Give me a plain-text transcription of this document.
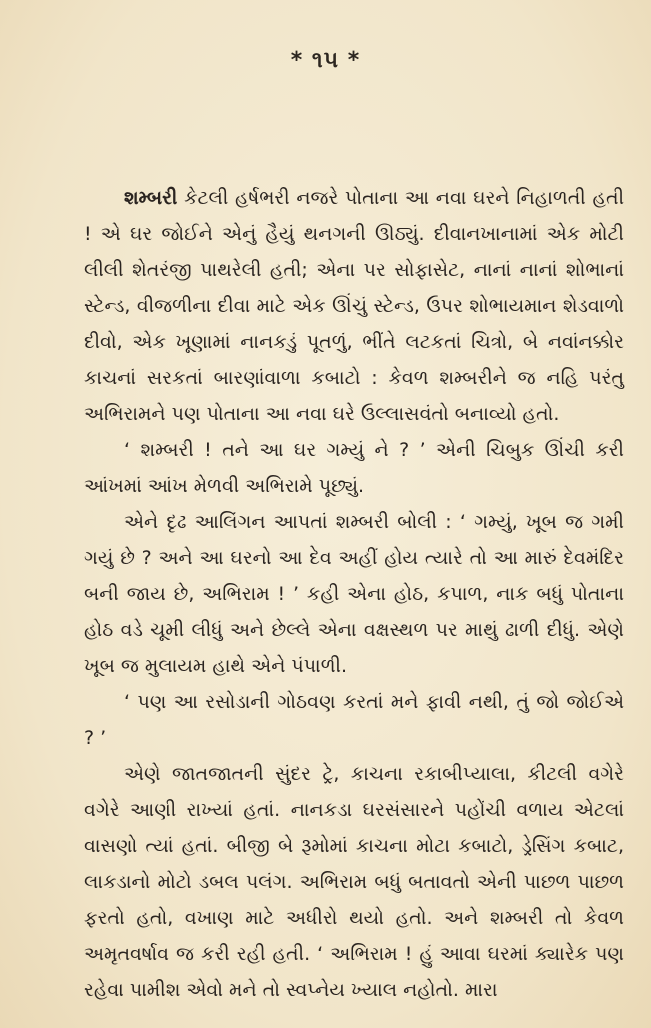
* ૧૫ *

શમ્બરી કેટલી હર્ષભરી નજરે પોતાના આ નવા ઘરને નિહાળતી હતી ! એ ઘર જોઈને એનું હૈયું થનગની ઊઠ્યું. દીવાનખાનામાં એક મોટી લીલી શેતરંજી પાથરેલી હતી; એના પર સોફાસેટ, નાનાં નાનાં શોભાનાં સ્ટેન્ડ, વીજળીના દીવા માટે એક ઊંચું સ્ટેન્ડ, ઉપર શોભાયમાન શેડવાળો દીવો, એક ખૂણામાં નાનકડું પૂતળું, ભીંતે લટકતાં ચિત્રો, બે નવાંનક્કોર કાચનાં સરકતાં બારણાંવાળા કબાટો : કેવળ શમ્બરીને જ નહિ પરંતુ અભિરામને પણ પોતાના આ નવા ઘરે ઉલ્લાસવંતો બનાવ્યો હતો.

‘ શમ્બરી ! તને આ ઘર ગમ્યું ને ? ’ એની ચિબુક ઊંચી કરી આંખમાં આંખ મેળવી અભિરામે પૂછ્યું.

એને દૃઢ આલિંગન આપતાં શમ્બરી બોલી : ‘ ગમ્યું, ખૂબ જ ગમી ગયું છે ? અને આ ઘરનો આ દેવ અહીં હોય ત્યારે તો આ મારું દેવમંદિર બની જાય છે, અભિરામ ! ’ કહી એના હોઠ, કપાળ, નાક બધું પોતાના હોઠ વડે ચૂમી લીધું અને છેલ્લે એના વક્ષસ્થળ પર માથું ઢાળી દીધું. એણે ખૂબ જ મુલાયમ હાથે એને પંપાળી.

‘ પણ આ રસોડાની ગોઠવણ કરતાં મને ફાવી નથી, તું જો જોઈએ ? ’

એણે જાતજાતની સુંદર ટ્રે, કાચના રકાબીપ્યાલા, કીટલી વગેરે વગેરે આણી રાખ્યાં હતાં. નાનકડા ઘરસંસારને પહોંચી વળાય એટલાં વાસણો ત્યાં હતાં. બીજી બે રૂમોમાં કાચના મોટા કબાટો, ડ્રેસિંગ કબાટ, લાકડાનો મોટો ડબલ પલંગ. અભિરામ બધું બતાવતો એની પાછળ પાછળ ફરતો હતો, વખાણ માટે અધીરો થયો હતો. અને શમ્બરી તો કેવળ અમૃતવર્ષાવ જ કરી રહી હતી. ‘ અભિરામ ! હું આવા ઘરમાં ક્યારેક પણ રહેવા પામીશ એવો મને તો સ્વપ્નેય ખ્યાલ નહોતો. મારા
